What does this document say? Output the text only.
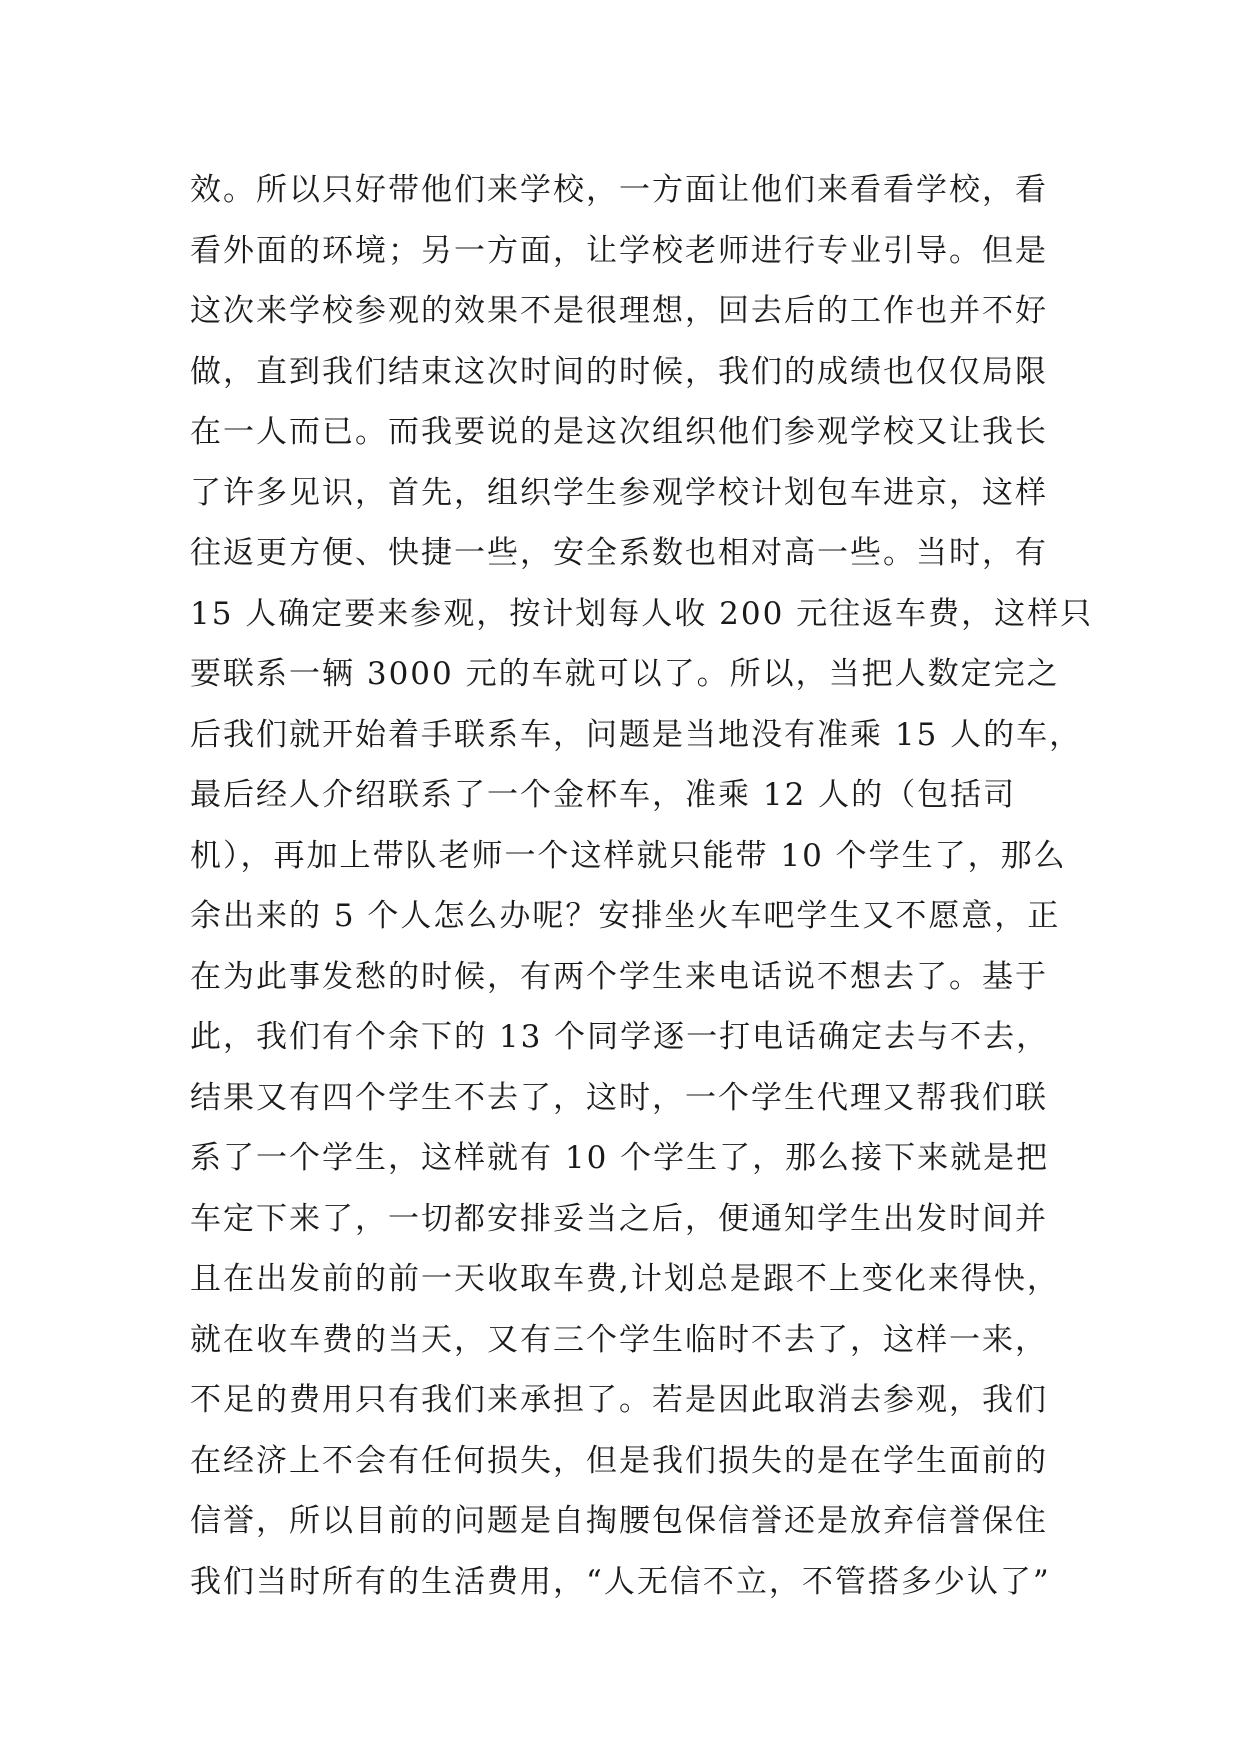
效。所以只好带他们来学校，一方面让他们来看看学校，看
看外面的环境；另一方面，让学校老师进行专业引导。但是
这次来学校参观的效果不是很理想，回去后的工作也并不好
做，直到我们结束这次时间的时候，我们的成绩也仅仅局限
在一人而已。而我要说的是这次组织他们参观学校又让我长
了许多见识，首先，组织学生参观学校计划包车进京，这样
往返更方便、快捷一些，安全系数也相对高一些。当时，有
15 人确定要来参观，按计划每人收 200 元往返车费，这样只
要联系一辆 3000 元的车就可以了。所以，当把人数定完之
后我们就开始着手联系车，问题是当地没有准乘 15 人的车，
最后经人介绍联系了一个金杯车，准乘 12 人的（包括司
机），再加上带队老师一个这样就只能带 10 个学生了，那么
余出来的 5 个人怎么办呢？安排坐火车吧学生又不愿意，正
在为此事发愁的时候，有两个学生来电话说不想去了。基于
此，我们有个余下的 13 个同学逐一打电话确定去与不去，
结果又有四个学生不去了，这时，一个学生代理又帮我们联
系了一个学生，这样就有 10 个学生了，那么接下来就是把
车定下来了，一切都安排妥当之后，便通知学生出发时间并
且在出发前的前一天收取车费,计划总是跟不上变化来得快，
就在收车费的当天，又有三个学生临时不去了，这样一来，
不足的费用只有我们来承担了。若是因此取消去参观，我们
在经济上不会有任何损失，但是我们损失的是在学生面前的
信誉，所以目前的问题是自掏腰包保信誉还是放弃信誉保住
我们当时所有的生活费用，“人无信不立，不管搭多少认了”
